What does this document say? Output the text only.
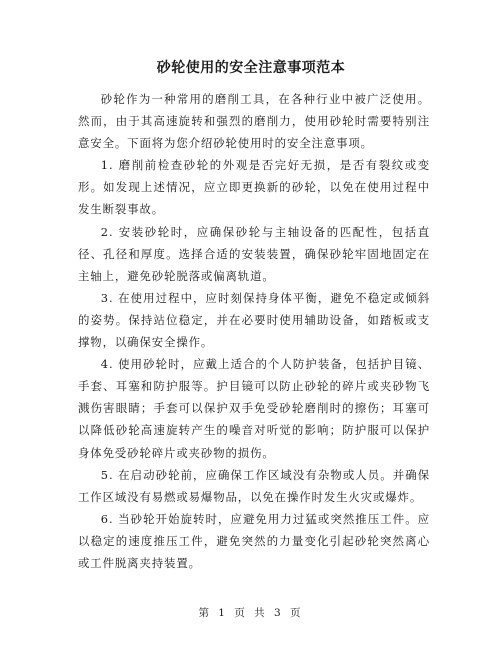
砂轮使用的安全注意事项范本

砂轮作为一种常用的磨削工具，在各种行业中被广泛使用。然而，由于其高速旋转和强烈的磨削力，使用砂轮时需要特别注意安全。下面将为您介绍砂轮使用时的安全注意事项。

1. 磨削前检查砂轮的外观是否完好无损，是否有裂纹或变形。如发现上述情况，应立即更换新的砂轮，以免在使用过程中发生断裂事故。

2. 安装砂轮时，应确保砂轮与主轴设备的匹配性，包括直径、孔径和厚度。选择合适的安装装置，确保砂轮牢固地固定在主轴上，避免砂轮脱落或偏离轨道。

3. 在使用过程中，应时刻保持身体平衡，避免不稳定或倾斜的姿势。保持站位稳定，并在必要时使用辅助设备，如踏板或支撑物，以确保安全操作。

4. 使用砂轮时，应戴上适合的个人防护装备，包括护目镜、手套、耳塞和防护服等。护目镜可以防止砂轮的碎片或夹砂物飞溅伤害眼睛；手套可以保护双手免受砂轮磨削时的擦伤；耳塞可以降低砂轮高速旋转产生的噪音对听觉的影响；防护服可以保护身体免受砂轮碎片或夹砂物的损伤。

5. 在启动砂轮前，应确保工作区域没有杂物或人员。并确保工作区域没有易燃或易爆物品，以免在操作时发生火灾或爆炸。

6. 当砂轮开始旋转时，应避免用力过猛或突然推压工件。应以稳定的速度推压工件，避免突然的力量变化引起砂轮突然离心或工件脱离夹持装置。

第 1 页 共 3 页
